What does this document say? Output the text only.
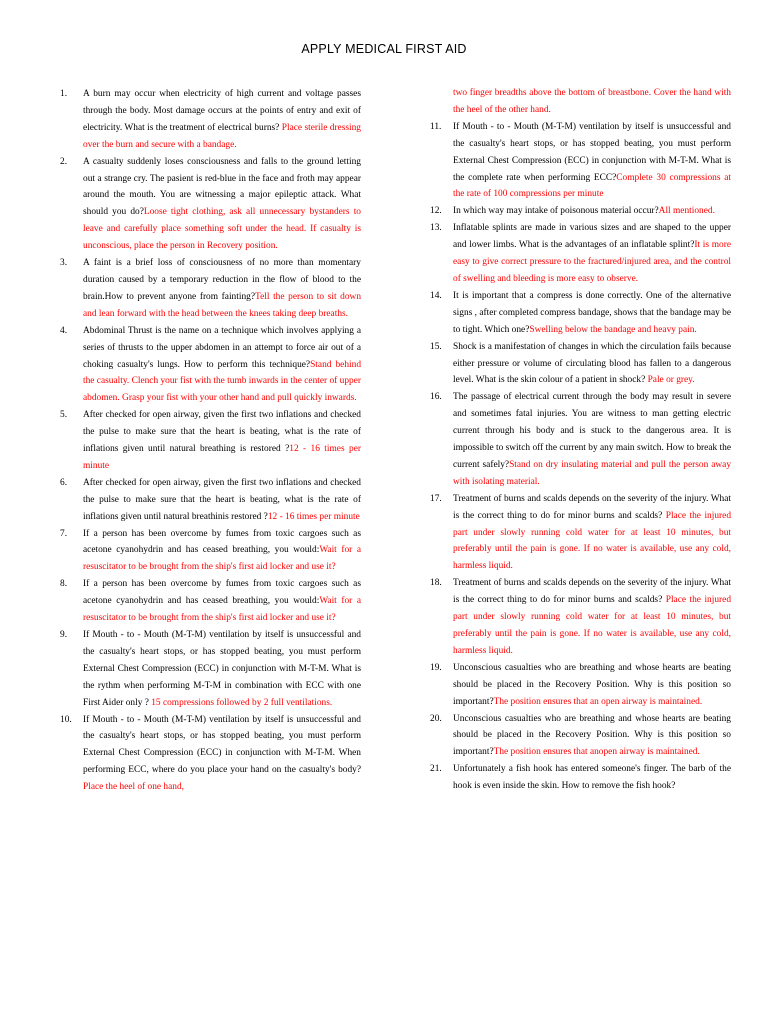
APPLY MEDICAL FIRST AID
1. A burn may occur when electricity of high current and voltage passes through the body. Most damage occurs at the points of entry and exit of electricity. What is the treatment of electrical burns? Place sterile dressing over the burn and secure with a bandage.
2. A casualty suddenly loses consciousness and falls to the ground letting out a strange cry. The pasient is red-blue in the face and froth may appear around the mouth. You are witnessing a major epileptic attack. What should you do?Loose tight clothing, ask all unnecessary bystanders to leave and carefully place something soft under the head. If casualty is unconscious, place the person in Recovery position.
3. A faint is a brief loss of consciousness of no more than momentary duration caused by a temporary reduction in the flow of blood to the brain.How to prevent anyone from fainting?Tell the person to sit down and lean forward with the head between the knees taking deep breaths.
4. Abdominal Thrust is the name on a technique which involves applying a series of thrusts to the upper abdomen in an attempt to force air out of a choking casualty's lungs. How to perform this technique?Stand behind the casualty. Clench your fist with the tumb inwards in the center of upper abdomen. Grasp your fist with your other hand and pull quickly inwards.
5. After checked for open airway, given the first two inflations and checked the pulse to make sure that the heart is beating, what is the rate of inflations given until natural breathing is restored ?12 - 16 times per minute
6. After checked for open airway, given the first two inflations and checked the pulse to make sure that the heart is beating, what is the rate of inflations given until natural breathinis restored ?12 - 16 times per minute
7. If a person has been overcome by fumes from toxic cargoes such as acetone cyanohydrin and has ceased breathing, you would:Wait for a resuscitator to be brought from the ship's first aid locker and use it?
8. If a person has been overcome by fumes from toxic cargoes such as acetone cyanohydrin and has ceased breathing, you would:Wait for a resuscitator to be brought from the ship's first aid locker and use it?
9. If Mouth - to - Mouth (M-T-M) ventilation by itself is unsuccessful and the casualty's heart stops, or has stopped beating, you must perform External Chest Compression (ECC) in conjunction with M-T-M. What is the rythm when performing M-T-M in combination with ECC with one First Aider only ? 15 compressions followed by 2 full ventilations.
10. If Mouth - to - Mouth (M-T-M) ventilation by itself is unsuccessful and the casualty's heart stops, or has stopped beating, you must perform External Chest Compression (ECC) in conjunction with M-T-M. When performing ECC, where do you place your hand on the casualty's body?Place the heel of one hand,
two finger breadths above the bottom of breastbone. Cover the hand with the heel of the other hand.
11. If Mouth - to - Mouth (M-T-M) ventilation by itself is unsuccessful and the casualty's heart stops, or has stopped beating, you must perform External Chest Compression (ECC) in conjunction with M-T-M. What is the complete rate when performing ECC?Complete 30 compressions at the rate of 100 compressions per minute
12. In which way may intake of poisonous material occur?All mentioned.
13. Inflatable splints are made in various sizes and are shaped to the upper and lower limbs. What is the advantages of an inflatable splint?It is more easy to give correct pressure to the fractured/injured area, and the control of swelling and bleeding is more easy to observe.
14. It is important that a compress is done correctly. One of the alternative signs , after completed compress bandage, shows that the bandage may be to tight. Which one?Swelling below the bandage and heavy pain.
15. Shock is a manifestation of changes in which the circulation fails because either pressure or volume of circulating blood has fallen to a dangerous level. What is the skin colour of a patient in shock? Pale or grey.
16. The passage of electrical current through the body may result in severe and sometimes fatal injuries. You are witness to man getting electric current through his body and is stuck to the dangerous area. It is impossible to switch off the current by any main switch. How to break the current safely?Stand on dry insulating material and pull the person away with isolating material.
17. Treatment of burns and scalds depends on the severity of the injury. What is the correct thing to do for minor burns and scalds? Place the injured part under slowly running cold water for at least 10 minutes, but preferably until the pain is gone. If no water is available, use any cold, harmless liquid.
18. Treatment of burns and scalds depends on the severity of the injury. What is the correct thing to do for minor burns and scalds? Place the injured part under slowly running cold water for at least 10 minutes, but preferably until the pain is gone. If no water is available, use any cold, harmless liquid.
19. Unconscious casualties who are breathing and whose hearts are beating should be placed in the Recovery Position. Why is this position so important?The position ensures that an open airway is maintained.
20. Unconscious casualties who are breathing and whose hearts are beating should be placed in the Recovery Position. Why is this position so important?The position ensures that anopen airway is maintained.
21. Unfortunately a fish hook has entered someone's finger. The barb of the hook is even inside the skin. How to remove the fish hook?
